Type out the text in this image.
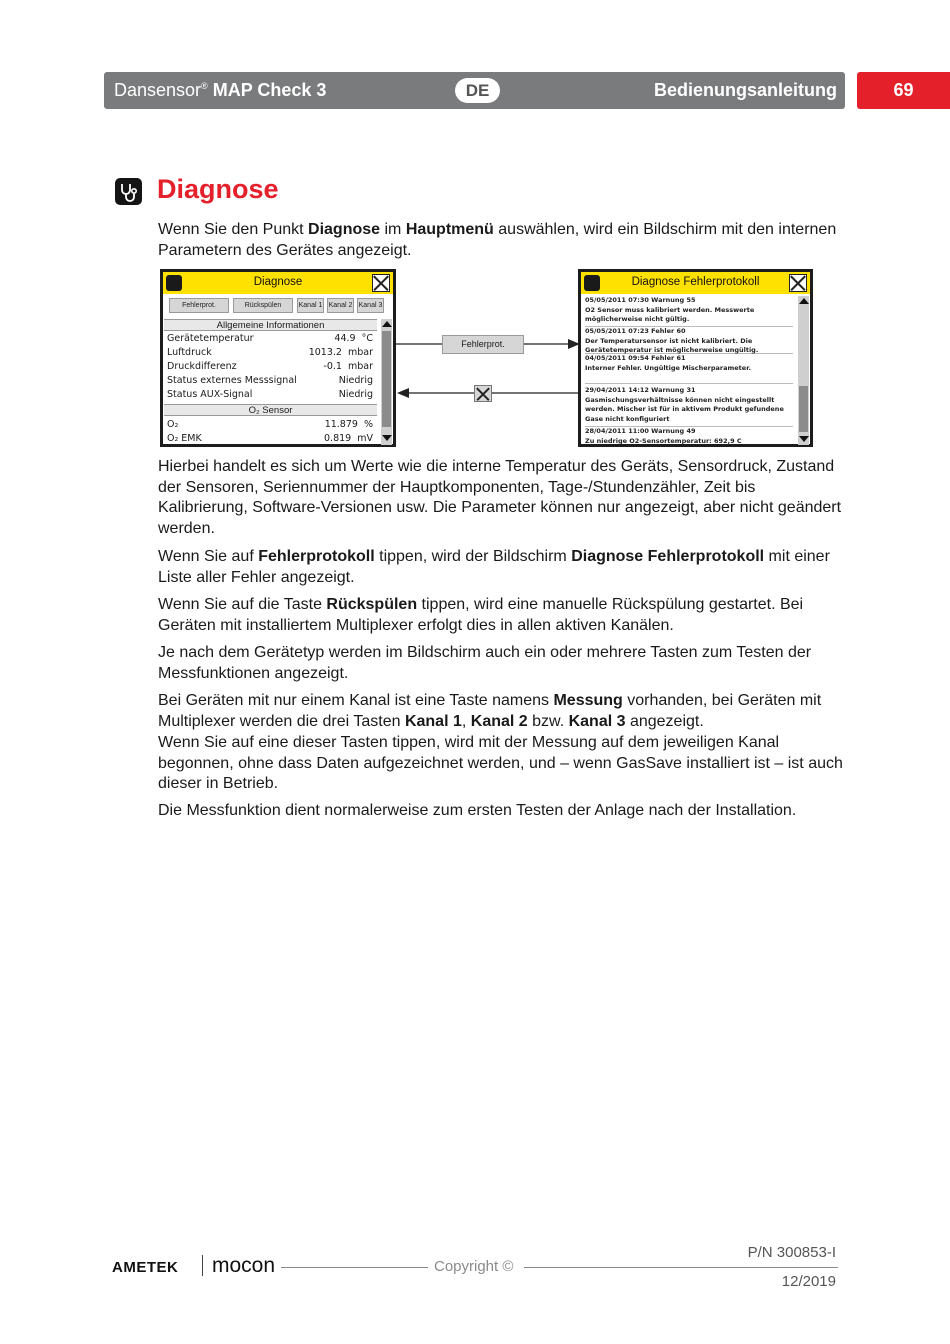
Dansensor® MAP Check 3	DE	Bedienungsanleitung	69
Diagnose
Wenn Sie den Punkt Diagnose im Hauptmenü auswählen, wird ein Bildschirm mit den internen Parametern des Gerätes angezeigt.
Diagnose
Fehlerprot.	Rückspülen	Kanal 1 Kanal 2 Kanal 3
Allgemeine Informationen
Gerätetemperatur	44.9  °C
Luftdruck	1013.2  mbar
Druckdifferenz	-0.1  mbar
Status externes Messsignal	Niedrig
Status AUX-Signal	Niedrig
O₂ Sensor
O₂	11.879  %
O₂ EMK	0.819  mV
Fehlerprot.
Diagnose Fehlerprotokoll
05/05/2011 07:30 Warnung 55
O2 Sensor muss kalibriert werden. Messwerte möglicherweise nicht gültig.
05/05/2011 07:23 Fehler 60
Der Temperatursensor ist nicht kalibriert. Die Gerätetemperatur ist möglicherweise ungültig.
04/05/2011 09:54 Fehler 61
Interner Fehler. Ungültige Mischerparameter.
29/04/2011 14:12 Warnung 31
Gasmischungsverhältnisse können nicht eingestellt werden. Mischer ist für in aktivem Produkt gefundene Gase nicht konfiguriert
28/04/2011 11:00 Warnung 49
Zu niedrige O2-Sensortemperatur: 692,9 C
Hierbei handelt es sich um Werte wie die interne Temperatur des Geräts, Sensordruck, Zustand der Sensoren, Seriennummer der Hauptkomponenten, Tage-/Stundenzähler, Zeit bis Kalibrierung, Software-Versionen usw. Die Parameter können nur angezeigt, aber nicht geändert werden.
Wenn Sie auf Fehlerprotokoll tippen, wird der Bildschirm Diagnose Fehlerprotokoll mit einer Liste aller Fehler angezeigt.
Wenn Sie auf die Taste Rückspülen tippen, wird eine manuelle Rückspülung gestartet. Bei Geräten mit installiertem Multiplexer erfolgt dies in allen aktiven Kanälen.
Je nach dem Gerätetyp werden im Bildschirm auch ein oder mehrere Tasten zum Testen der Messfunktionen angezeigt.
Bei Geräten mit nur einem Kanal ist eine Taste namens Messung vorhanden, bei Geräten mit Multiplexer werden die drei Tasten Kanal 1, Kanal 2 bzw. Kanal 3 angezeigt.
Wenn Sie auf eine dieser Tasten tippen, wird mit der Messung auf dem jeweiligen Kanal begonnen, ohne dass Daten aufgezeichnet werden, und – wenn GasSave installiert ist – ist auch dieser in Betrieb.
Die Messfunktion dient normalerweise zum ersten Testen der Anlage nach der Installation.
AMETEK mocon	Copyright ©
P/N 300853-I
12/2019
